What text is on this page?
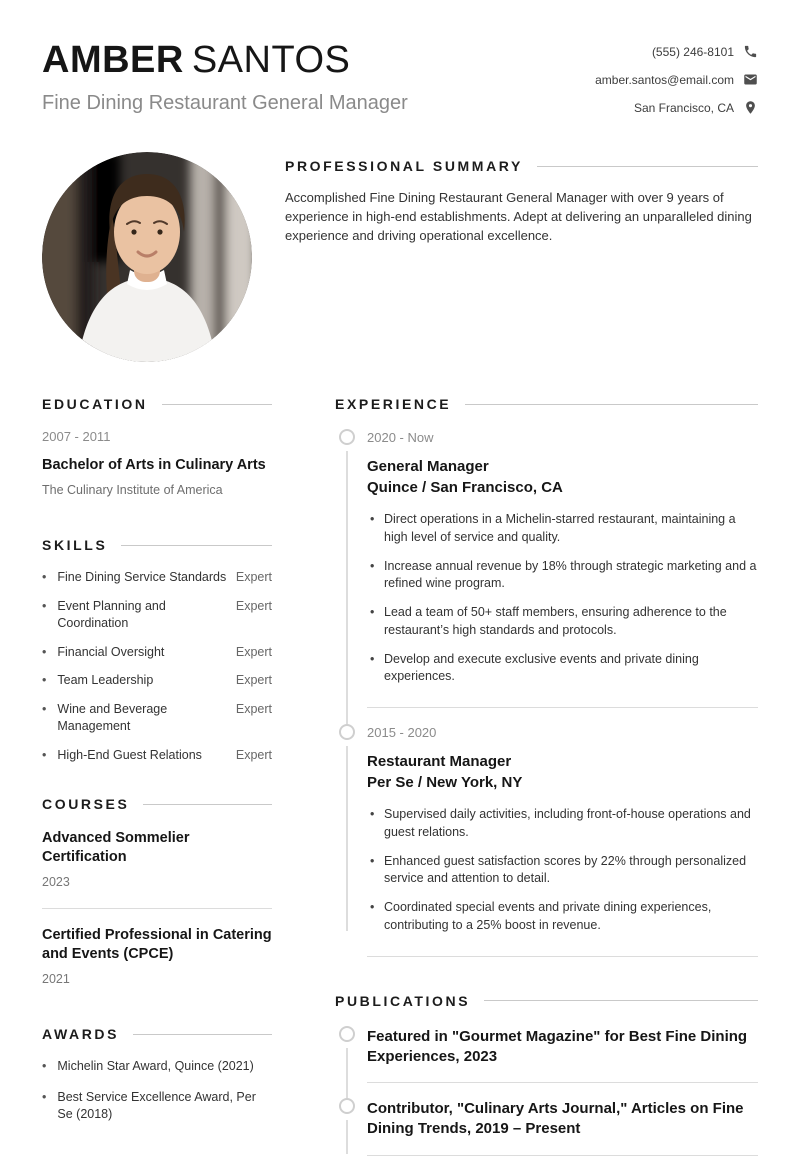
AMBER SANTOS
Fine Dining Restaurant General Manager
(555) 246-8101
amber.santos@email.com
San Francisco, CA
PROFESSIONAL SUMMARY

Accomplished Fine Dining Restaurant General Manager with over 9 years of experience in high-end establishments. Adept at delivering an unparalleled dining experience and driving operational excellence.

EDUCATION
2007 - 2011
Bachelor of Arts in Culinary Arts
The Culinary Institute of America
SKILLS
• Fine Dining Service Standards Expert
• Event Planning and Coordination
Expert
• Financial Oversight	Expert
• Team Leadership	Expert
• Wine and Beverage Management
Expert
• High-End Guest Relations	Expert
COURSES
Advanced Sommelier Certification
2023
Certified Professional in Catering and Events (CPCE)
2021
AWARDS
• Michelin Star Award, Quince (2021)
• Best Service Excellence Award, Per Se (2018)
EXPERIENCE
2020 - Now
General Manager
Quince / San Francisco, CA
• Direct operations in a Michelin-starred restaurant, maintaining a high level of service and quality.
• Increase annual revenue by 18% through strategic marketing and a refined wine program.
• Lead a team of 50+ staff members, ensuring adherence to the restaurant’s high standards and protocols.
• Develop and execute exclusive events and private dining experiences.
2015 - 2020
Restaurant Manager
Per Se / New York, NY
• Supervised daily activities, including front-of-house operations and guest relations.
• Enhanced guest satisfaction scores by 22% through personalized service and attention to detail.
• Coordinated special events and private dining experiences, contributing to a 25% boost in revenue.
PUBLICATIONS
Featured in "Gourmet Magazine" for Best Fine Dining Experiences, 2023
Contributor, "Culinary Arts Journal," Articles on Fine Dining Trends, 2019 – Present
